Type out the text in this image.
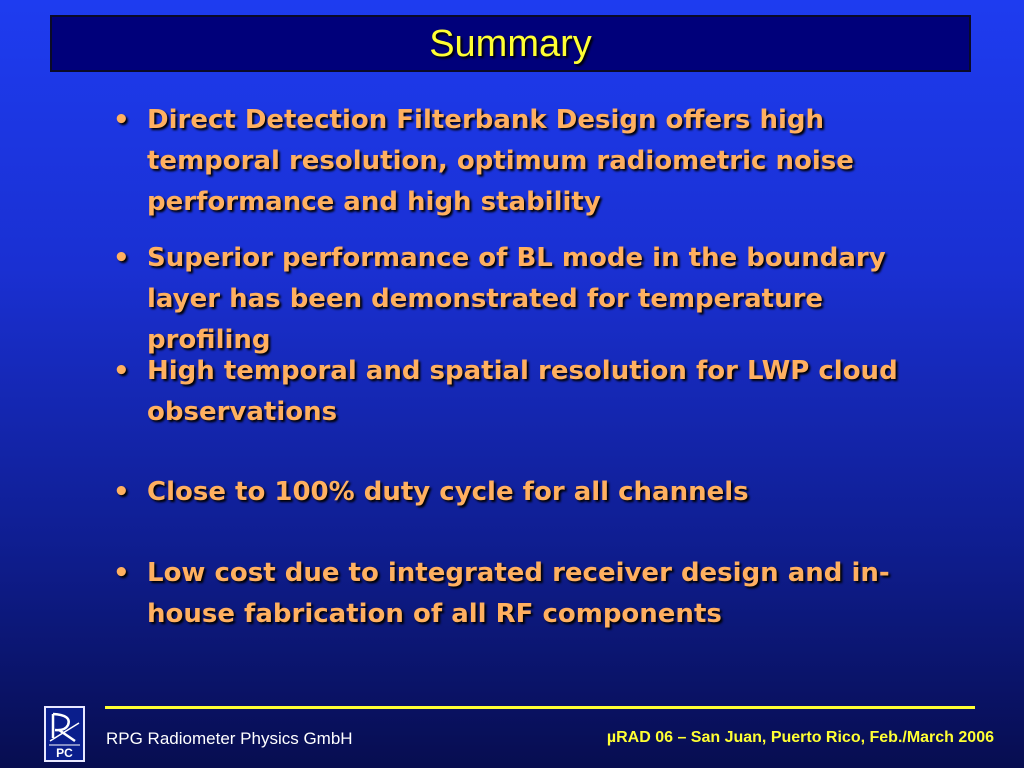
Summary
• Direct Detection Filterbank Design offers high
temporal resolution, optimum radiometric noise
performance and high stability
• Superior performance of BL mode in the boundary
layer has been demonstrated for temperature
profiling
• High temporal and spatial resolution for LWP cloud
observations
• Close to 100% duty cycle for all channels
• Low cost due to integrated receiver design and in-
house fabrication of all RF components
PC
RPG Radiometer Physics GmbH	µRAD 06 – San Juan, Puerto Rico, Feb./March 2006
